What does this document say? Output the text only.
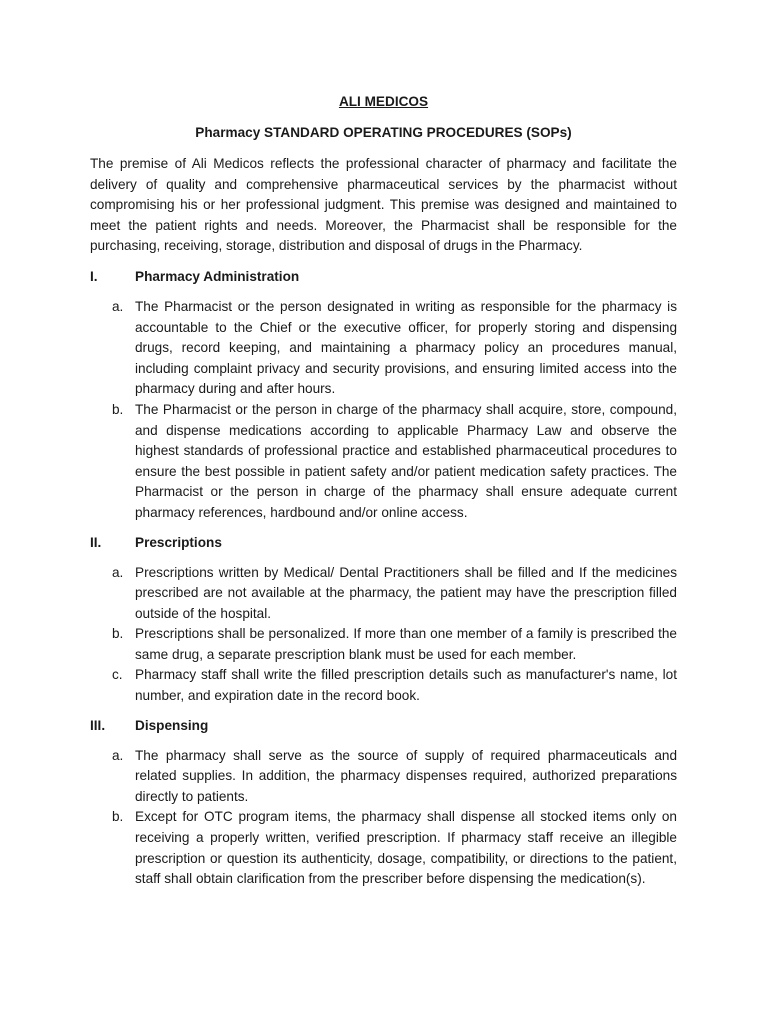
ALI MEDICOS

Pharmacy STANDARD OPERATING PROCEDURES (SOPs)

The premise of Ali Medicos reflects the professional character of pharmacy and facilitate the delivery of quality and comprehensive pharmaceutical services by the pharmacist without compromising his or her professional judgment. This premise was designed and maintained to meet the patient rights and needs. Moreover, the Pharmacist shall be responsible for the purchasing, receiving, storage, distribution and disposal of drugs in the Pharmacy.

I.	Pharmacy Administration
a. The Pharmacist or the person designated in writing as responsible for the pharmacy is accountable to the Chief or the executive officer, for properly storing and dispensing drugs, record keeping, and maintaining a pharmacy policy an procedures manual, including complaint privacy and security provisions, and ensuring limited access into the pharmacy during and after hours.
b. The Pharmacist or the person in charge of the pharmacy shall acquire, store, compound, and dispense medications according to applicable Pharmacy Law and observe the highest standards of professional practice and established pharmaceutical procedures to ensure the best possible in patient safety and/or patient medication safety practices. The Pharmacist or the person in charge of the pharmacy shall ensure adequate current pharmacy references, hardbound and/or online access.
II.	Prescriptions
a. Prescriptions written by Medical/ Dental Practitioners shall be filled and If the medicines prescribed are not available at the pharmacy, the patient may have the prescription filled outside of the hospital.
b. Prescriptions shall be personalized. If more than one member of a family is prescribed the same drug, a separate prescription blank must be used for each member.
c. Pharmacy staff shall write the filled prescription details such as manufacturer's name, lot number, and expiration date in the record book.
III.	Dispensing
a. The pharmacy shall serve as the source of supply of required pharmaceuticals and related supplies. In addition, the pharmacy dispenses required, authorized preparations directly to patients.
b. Except for OTC program items, the pharmacy shall dispense all stocked items only on receiving a properly written, verified prescription. If pharmacy staff receive an illegible prescription or question its authenticity, dosage, compatibility, or directions to the patient, staff shall obtain clarification from the prescriber before dispensing the medication(s).
